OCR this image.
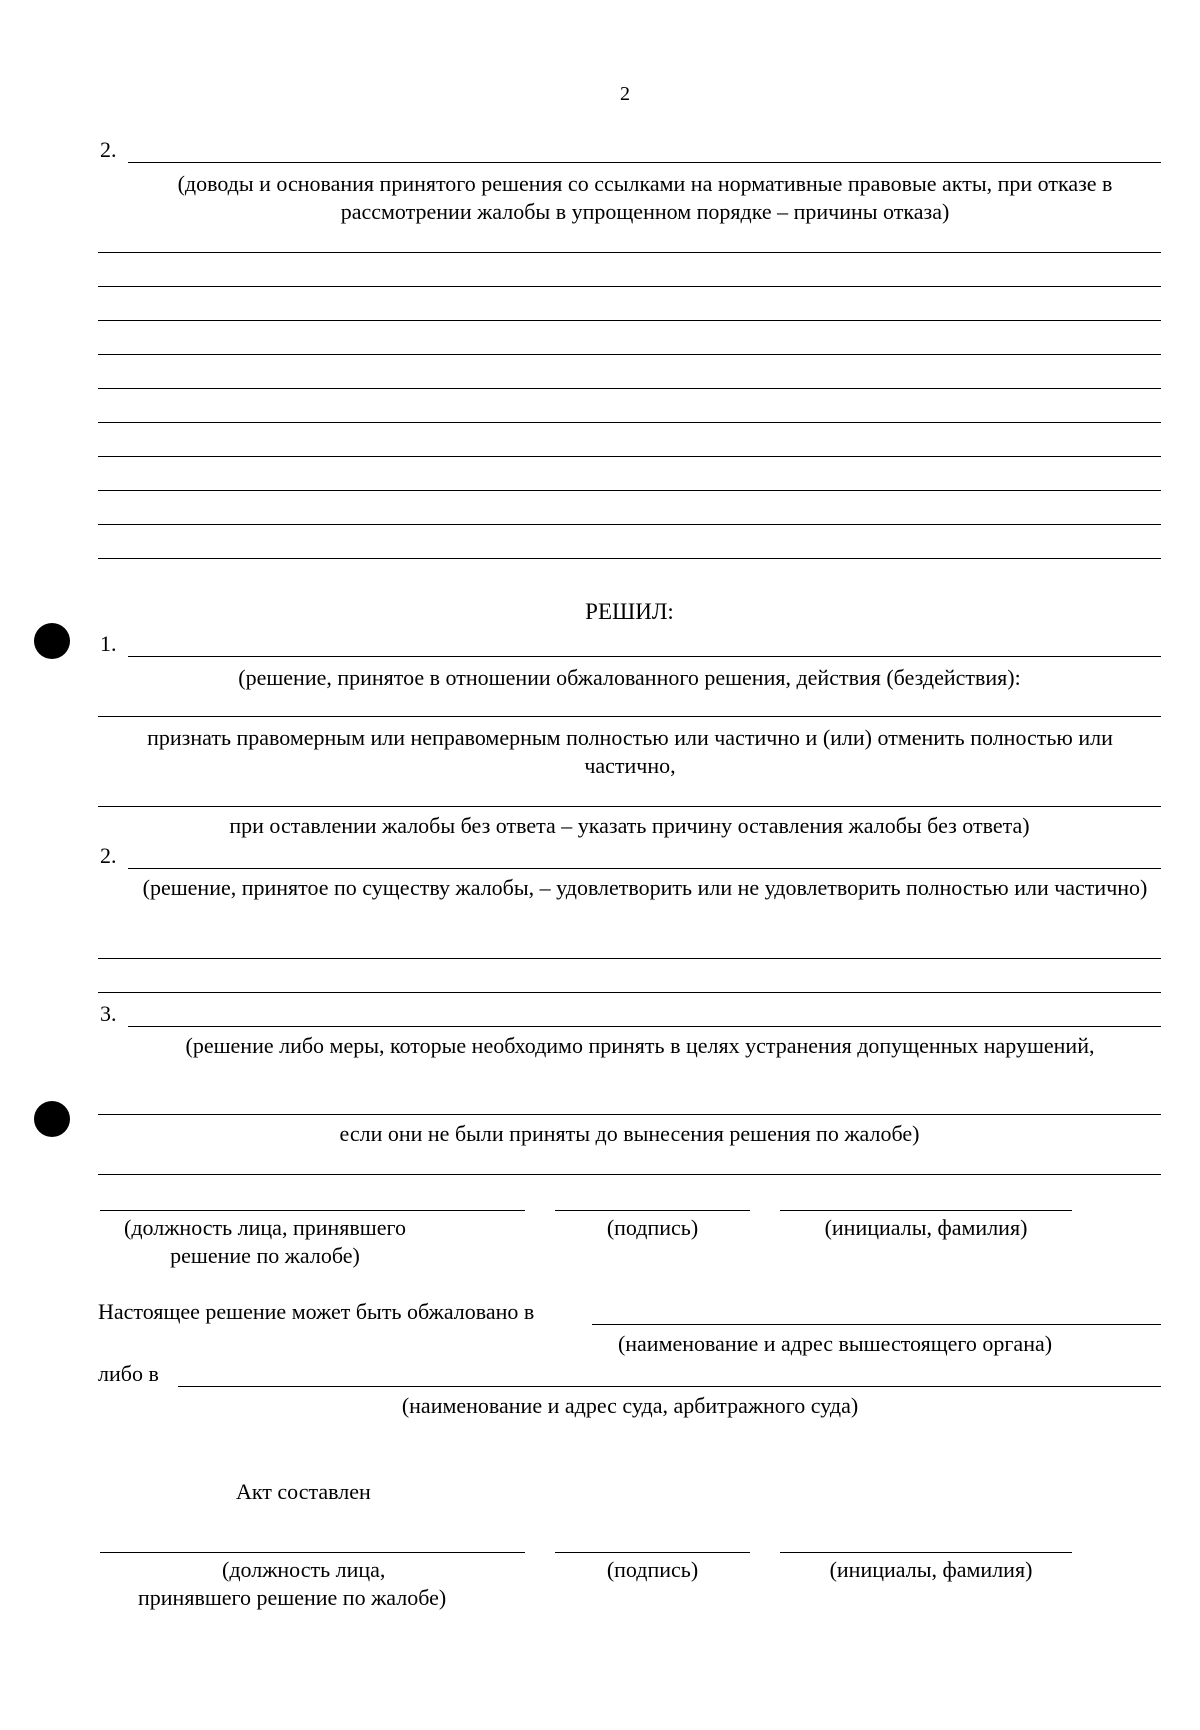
2
2.
(доводы и основания принятого решения со ссылками на нормативные правовые акты, при отказе в рассмотрении жалобы в упрощенном порядке – причины отказа)
РЕШИЛ:
1.
(решение, принятое в отношении обжалованного решения, действия (бездействия):
признать правомерным или неправомерным полностью или частично и (или) отменить полностью или частично,
при оставлении жалобы без ответа – указать причину оставления жалобы без ответа)
2.
(решение, принятое по существу жалобы, – удовлетворить или не удовлетворить полностью или частично)
3.
(решение либо меры, которые необходимо принять в целях устранения допущенных нарушений,
если они не были приняты до вынесения решения по жалобе)
(должность лица, принявшего решение по жалобе)
(подпись)	(инициалы, фамилия)
Настоящее решение может быть обжаловано в
(наименование и адрес вышестоящего органа)
либо в
(наименование и адрес суда, арбитражного суда)
Акт составлен
(должность лица,
принявшего решение по жалобе)
(подпись)	(инициалы, фамилия)
